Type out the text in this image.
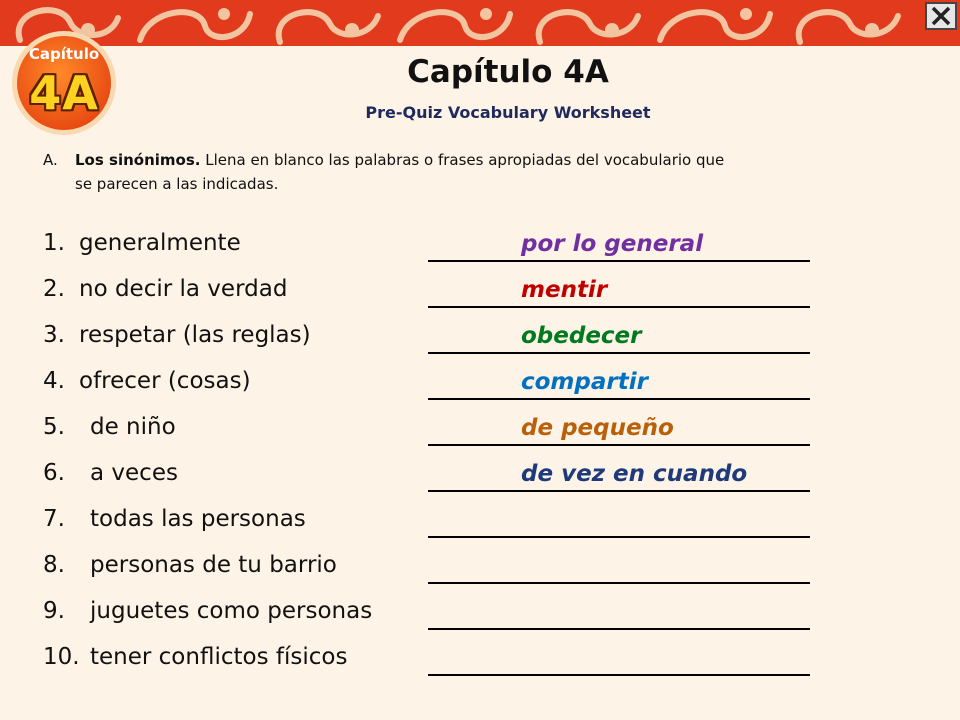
Capítulo
4A	Capítulo 4A
Pre-Quiz Vocabulary Worksheet
A. Los sinónimos. Llena en blanco las palabras o frases apropiadas del vocabulario que
se parecen a las indicadas.
1. generalmente	por lo general
2. no decir la verdad	mentir
3. respetar (las reglas)	obedecer
4. ofrecer (cosas)	compartir
5. de niño	de pequeño
6. a veces	de vez en cuando
7. todas las personas
8. personas de tu barrio
9. juguetes como personas
10. tener conflictos físicos
